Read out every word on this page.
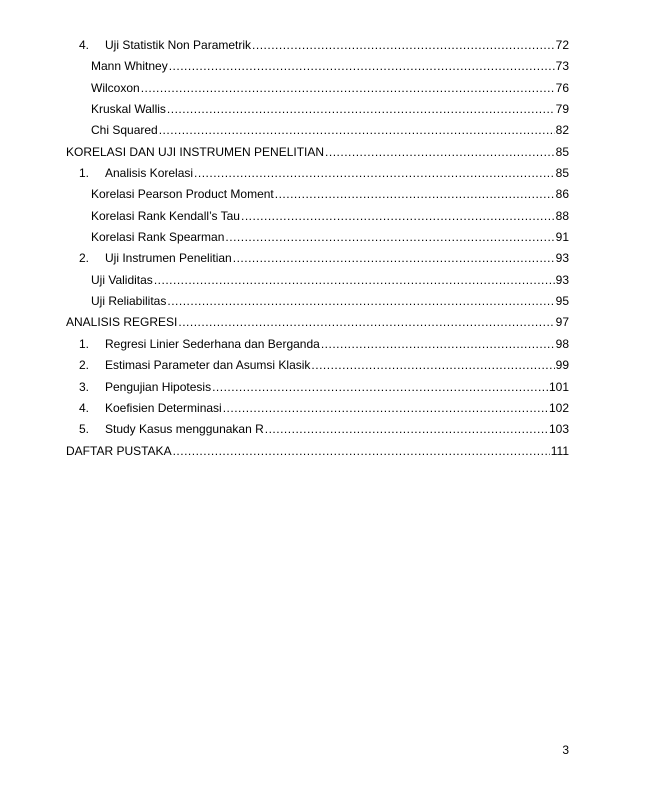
4.	Uji Statistik Non Parametrik .....	72
Mann Whitney .....	73
Wilcoxon .....	76
Kruskal Wallis .....	79
Chi Squared .....	82
KORELASI DAN UJI INSTRUMEN PENELITIAN .....	85
1.	Analisis Korelasi .....	85
Korelasi Pearson Product Moment .....	86
Korelasi Rank Kendall’s Tau .....	88
Korelasi Rank Spearman .....	91
2.	Uji Instrumen Penelitian .....	93
Uji Validitas .....	93
Uji Reliabilitas .....	95
ANALISIS REGRESI .....	97
1.	Regresi Linier Sederhana dan Berganda .....	98
2.	Estimasi Parameter dan Asumsi Klasik .....	99
3.	Pengujian Hipotesis .....	101
4.	Koefisien Determinasi .....	102
5.	Study Kasus menggunakan R .....	103
DAFTAR PUSTAKA .....	111
3
